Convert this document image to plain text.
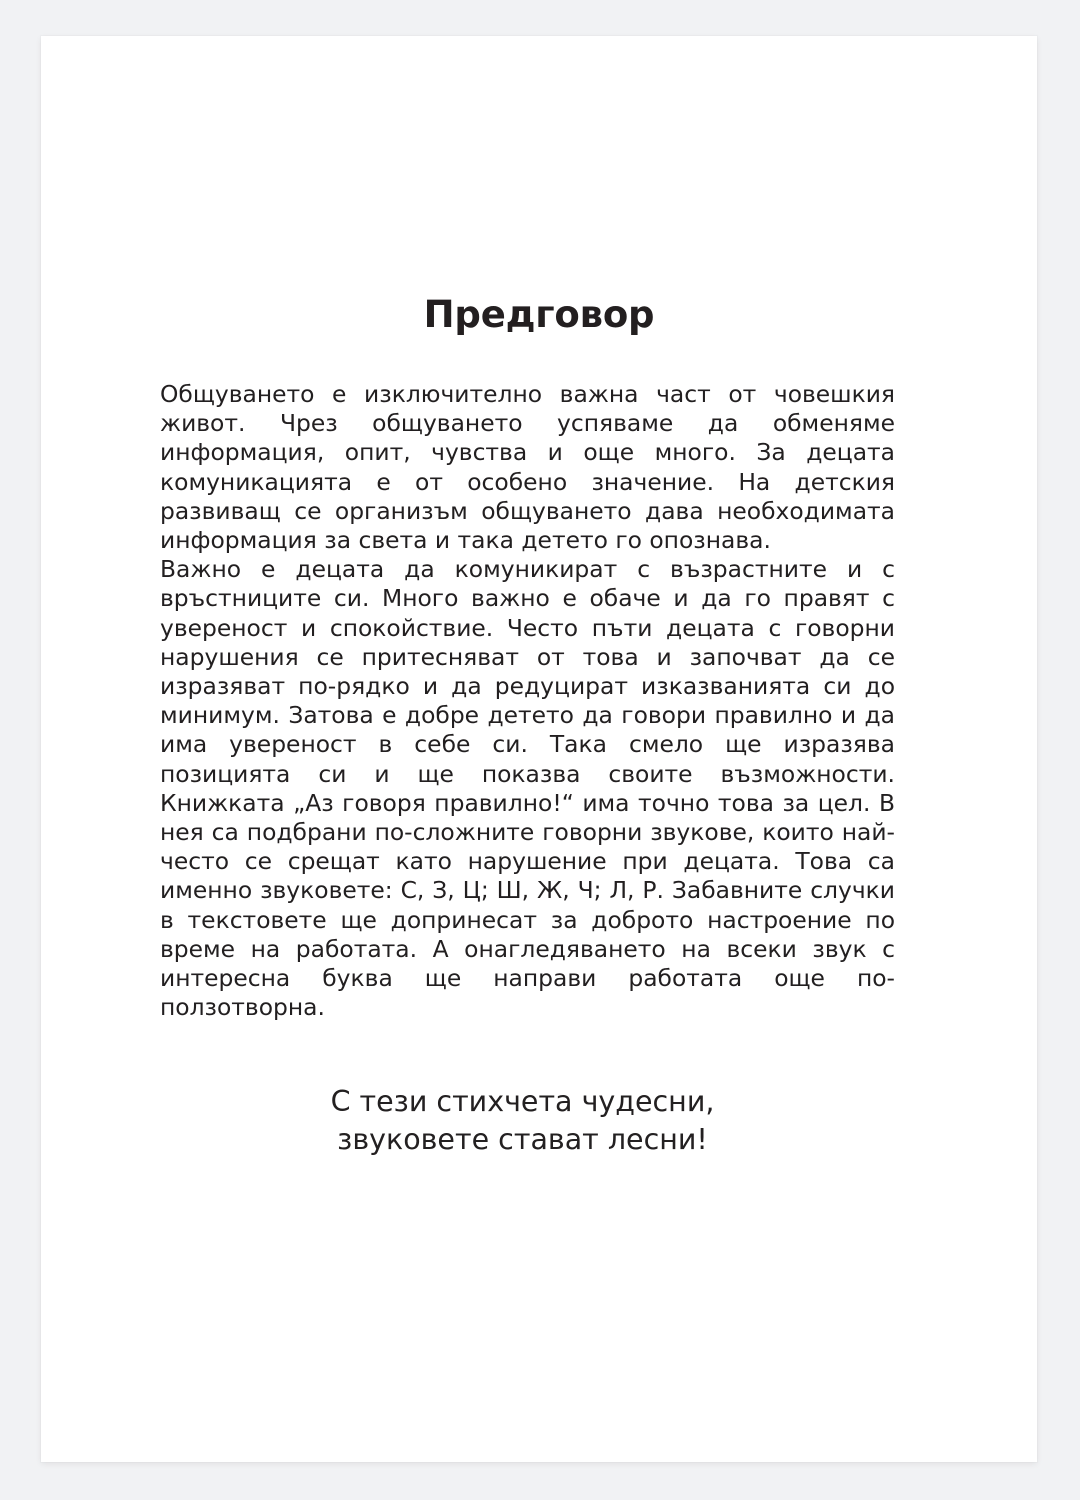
Предговор

Общуването е изключително важна част от човешкия живот. Чрез общуването успяваме да обменяме информация, опит, чувства и още много. За децата комуникацията е от особено значение. На детския развиващ се организъм общуването дава необходимата информация за света и така детето го опознава.

Важно е децата да комуникират с възрастните и с връстниците си. Много важно е обаче и да го правят с увереност и спокойствие. Често пъти децата с говорни нарушения се притесняват от това и започват да се изразяват по-рядко и да редуцират изказванията си до минимум. Затова е добре детето да говори правилно и да има увереност в себе си. Така смело ще изразява позицията си и ще показва своите възможности. Книжката „Аз говоря правилно!“ има точно това за цел. В нея са подбрани по-сложните говорни звукове, които най-често се срещат като нарушение при децата. Това са именно звуковете: С, З, Ц; Ш, Ж, Ч; Л, Р. Забавните случки в текстовете ще допринесат за доброто настроение по време на работата. А онагледяването на всеки звук с интересна буква ще направи работата още по-ползотворна.

С тези стихчета чудесни,
звуковете стават лесни!
